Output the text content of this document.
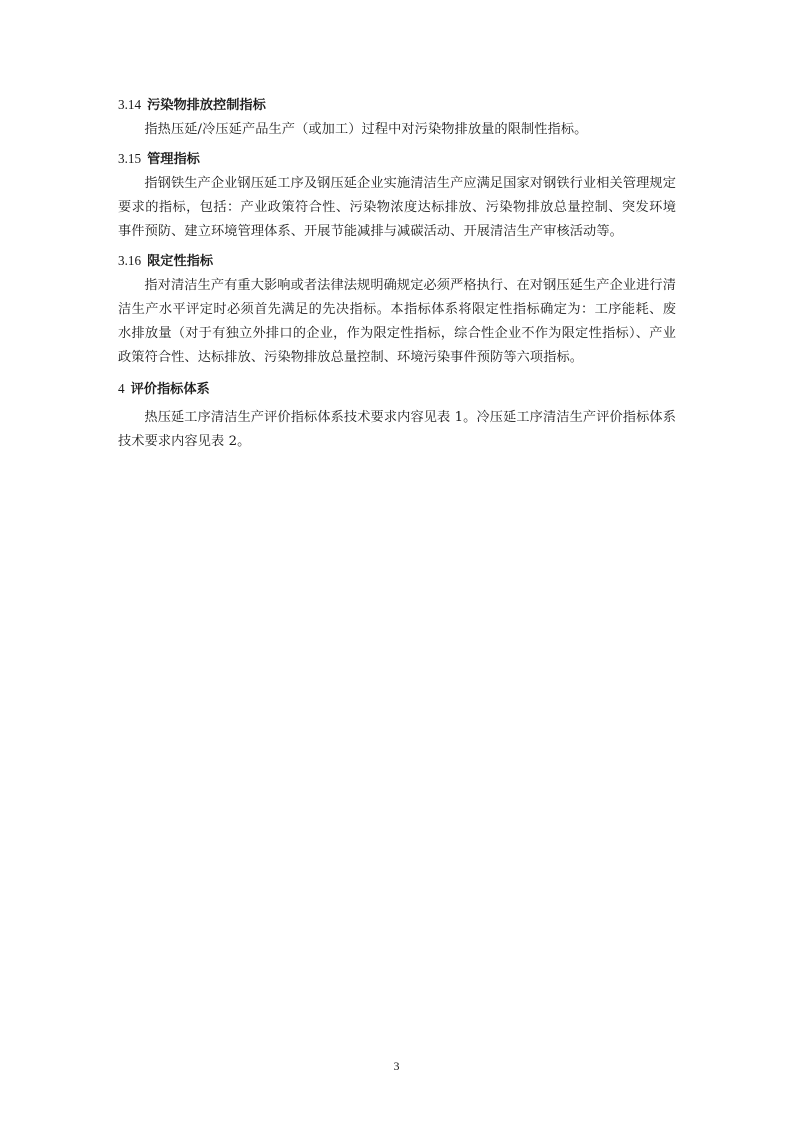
3.14 污染物排放控制指标

指热压延/冷压延产品生产（或加工）过程中对污染物排放量的限制性指标。

3.15 管理指标

指钢铁生产企业钢压延工序及钢压延企业实施清洁生产应满足国家对钢铁行业相关管理规定要求的指标，包括：产业政策符合性、污染物浓度达标排放、污染物排放总量控制、突发环境事件预防、建立环境管理体系、开展节能减排与减碳活动、开展清洁生产审核活动等。

3.16 限定性指标

指对清洁生产有重大影响或者法律法规明确规定必须严格执行、在对钢压延生产企业进行清洁生产水平评定时必须首先满足的先决指标。本指标体系将限定性指标确定为：工序能耗、废水排放量（对于有独立外排口的企业，作为限定性指标，综合性企业不作为限定性指标）、产业政策符合性、达标排放、污染物排放总量控制、环境污染事件预防等六项指标。

4 评价指标体系

热压延工序清洁生产评价指标体系技术要求内容见表 1。冷压延工序清洁生产评价指标体系技术要求内容见表 2。

3
